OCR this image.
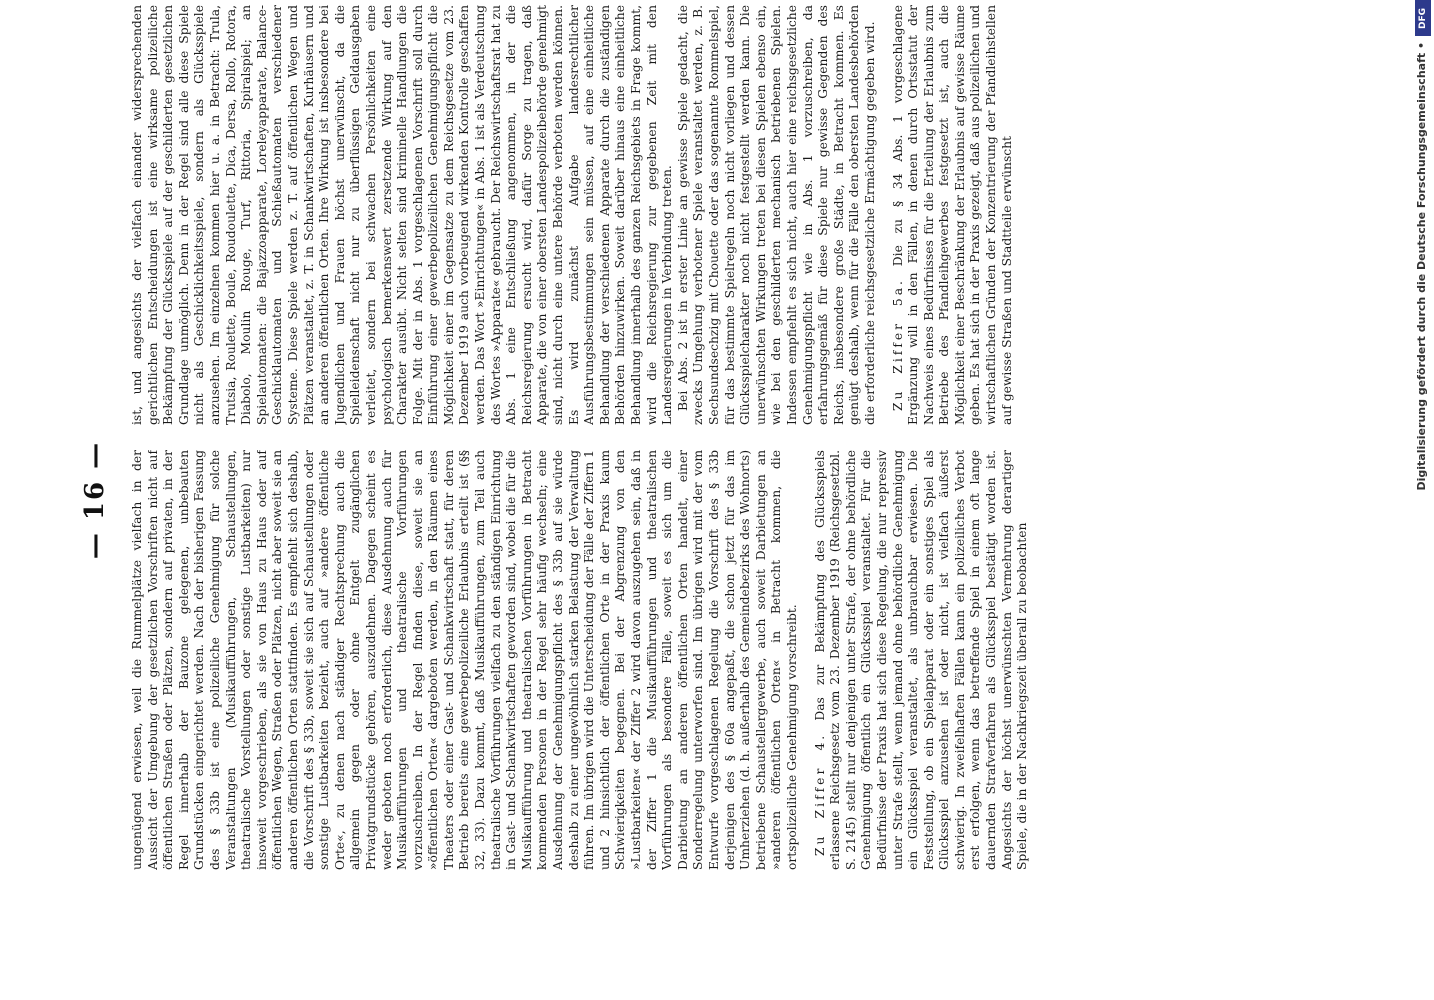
— 16 — ungenügend erwiesen, weil die Rummelplätze vielfach in der Aussicht der Umgebung der gesetzlichen Vorschriften nicht auf öffentlichen Straßen oder Plätzen, sondern auf privaten, in der Regel innerhalb der Bauzone gelegenen, unbebauten Grundstücken eingerichtet werden. Nach der bisherigen Fassung des § 33b ist eine polizeiliche Genehmigung für solche Veranstaltungen (Musikaufführungen, Schaustellungen, theatralische Vorstellungen oder sonstige Lustbarkeiten) nur insoweit vorgeschrieben, als sie von Haus zu Haus oder auf öffentlichen Wegen, Straßen oder Plätzen, nicht aber soweit sie an anderen öffentlichen Orten stattfinden. Es empfiehlt sich deshalb, die Vorschrift des § 33b, soweit sie sich auf Schaustellungen oder sonstige Lustbarkeiten bezieht, auch auf »andere öffentliche Orte«, zu denen nach ständiger Rechtsprechung auch die allgemein gegen oder ohne Entgelt zugänglichen Privatgrundstücke gehören, auszudehnen. Dagegen scheint es weder geboten noch erforderlich, diese Ausdehnung auch für Musikaufführungen und theatralische Vorführungen vorzuschreiben. In der Regel finden diese, soweit sie an »öffentlichen Orten« dargeboten werden, in den Räumen eines Theaters oder einer Gast- und Schankwirtschaft statt, für deren Betrieb bereits eine gewerbepolizeiliche Erlaubnis erteilt ist (§§ 32, 33). Dazu kommt, daß Musikaufführungen, zum Teil auch theatralische Vorführungen vielfach zu den ständigen Einrichtung in Gast- und Schankwirtschaften geworden sind, wobei die für die Musikaufführung und theatralischen Vorführungen in Betracht kommenden Personen in der Regel sehr häufig wechseln; eine Ausdehnung der Genehmigungspflicht des § 33b auf sie würde deshalb zu einer ungewöhnlich starken Belastung der Verwaltung führen. Im übrigen wird die Unterscheidung der Fälle der Ziffern 1 und 2 hinsichtlich der öffentlichen Orte in der Praxis kaum Schwierigkeiten begegnen. Bei der Abgrenzung von den »Lustbarkeiten« der Ziffer 2 wird davon auszugehen sein, daß in der Ziffer 1 die Musikaufführungen und theatralischen Vorführungen als besondere Fälle, soweit es sich um die Darbietung an anderen öffentlichen Orten handelt, einer Sonderregelung unterworfen sind. Im übrigen wird mit der vom Entwurfe vorgeschlagenen Regelung die Vorschrift des § 33b derjenigen des § 60a angepaßt, die schon jetzt für das im Umherziehen (d. h. außerhalb des Gemeindebezirks des Wohnorts) betriebene Schaustellergewerbe, auch soweit Darbietungen an »anderen öffentlichen Orten« in Betracht kommen, die ortspolizeiliche Genehmigung vorschreibt. Zu Ziffer 4. Das zur Bekämpfung des Glücksspiels erlassene Reichsgesetz vom 23. Dezember 1919 (Reichsgesetzbl. S. 2145) stellt nur denjenigen unter Strafe, der ohne behördliche Genehmigung öffentlich ein Glücksspiel veranstaltet. Für die Bedürfnisse der Praxis hat sich diese Regelung, die nur repressiv unter Strafe stellt, wenn jemand ohne behördliche Genehmigung ein Glücksspiel veranstaltet, als unbrauchbar erwiesen. Die Feststellung, ob ein Spielapparat oder ein sonstiges Spiel als Glücksspiel anzusehen ist oder nicht, ist vielfach äußerst schwierig. In zweifelhaften Fällen kann ein polizeiliches Verbot erst erfolgen, wenn das betreffende Spiel in einem oft lange dauernden Strafverfahren als Glücksspiel bestätigt worden ist. Angesichts der höchst unerwünschten Vermehrung derartiger Spiele, die in der Nachkriegszeit überall zu beobachten

ist, und angesichts der vielfach einander widersprechenden gerichtlichen Entscheidungen ist eine wirksame polizeiliche Bekämpfung der Glücksspiele auf der geschilderten gesetzlichen Grundlage unmöglich. Denn in der Regel sind alle diese Spiele nicht als Geschicklichkeitsspiele, sondern als Glücksspiele anzusehen. Im einzelnen kommen hier u. a. in Betracht: Trula, Trutsia, Roulette, Boule, Roudoulette, Dica, Dersa, Rollo, Rotora, Diabolo, Moulin Rouge, Turf, Rittoria, Spiralspiel; an Spielautomaten: die Bajazzoapparate, Loreleyapparate, Balance-Geschicklautomaten und Schießautomaten verschiedener Systeme. Diese Spiele werden z. T. auf öffentlichen Wegen und Plätzen veranstaltet, z. T. in Schankwirtschaften, Kurhäusern und an anderen öffentlichen Orten. Ihre Wirkung ist insbesondere bei Jugendlichen und Frauen höchst unerwünscht, da die Spielleidenschaft nicht nur zu überflüssigen Geldausgaben verleitet, sondern bei schwachen Persönlichkeiten eine psychologisch bemerkenswert zersetzende Wirkung auf den Charakter ausübt. Nicht selten sind kriminelle Handlungen die Folge. Mit der in Abs. 1 vorgeschlagenen Vorschrift soll durch Einführung einer gewerbepolizeilichen Genehmigungspflicht die Möglichkeit einer im Gegensatze zu dem Reichsgesetze vom 23. Dezember 1919 auch vorbeugend wirkenden Kontrolle geschaffen werden. Das Wort »Einrichtungen« in Abs. 1 ist als Verdeutschung des Wortes »Apparate« gebraucht. Der Reichswirtschaftsrat hat zu Abs. 1 eine Entschließung angenommen, in der die Reichsregierung ersucht wird, dafür Sorge zu tragen, daß Apparate, die von einer obersten Landespolizeibehörde genehmigt sind, nicht durch eine untere Behörde verboten werden können. Es wird zunächst Aufgabe landesrechtlicher Ausführungsbestimmungen sein müssen, auf eine einheitliche Behandlung der verschiedenen Apparate durch die zuständigen Behörden hinzuwirken. Soweit darüber hinaus eine einheitliche Behandlung innerhalb des ganzen Reichsgebiets in Frage kommt, wird die Reichsregierung zur gegebenen Zeit mit den Landesregierungen in Verbindung treten. Bei Abs. 2 ist in erster Linie an gewisse Spiele gedacht, die zwecks Umgehung verbotener Spiele veranstaltet werden, z. B. Sechsundsechzig mit Chouette oder das sogenannte Rommelspiel, für das bestimmte Spielregeln noch nicht vorliegen und dessen Glücksspielcharakter noch nicht festgestellt werden kann. Die unerwünschten Wirkungen treten bei diesen Spielen ebenso ein, wie bei den geschilderten mechanisch betriebenen Spielen. Indessen empfiehlt es sich nicht, auch hier eine reichsgesetzliche Genehmigungspflicht wie in Abs. 1 vorzuschreiben, da erfahrungsgemäß für diese Spiele nur gewisse Gegenden des Reichs, insbesondere große Städte, in Betracht kommen. Es genügt deshalb, wenn für die Fälle den obersten Landesbehörden die erforderliche reichsgesetzliche Ermächtigung gegeben wird. Zu Ziffer 5a. Die zu § 34 Abs. 1 vorgeschlagene Ergänzung will in den Fällen, in denen durch Ortsstatut der Nachweis eines Bedürfnisses für die Erteilung der Erlaubnis zum Betriebe des Pfandleihgewerbes festgesetzt ist, auch die Möglichkeit einer Beschränkung der Erlaubnis auf gewisse Räume geben. Es hat sich in der Praxis gezeigt, daß aus polizeilichen und wirtschaftlichen Gründen der Konzentrierung der Pfandleihstellen auf gewisse Straßen und Stadtteile erwünscht

DFG
Digitalisierung gefördert durch die Deutsche Forschungsgemeinschaft •
